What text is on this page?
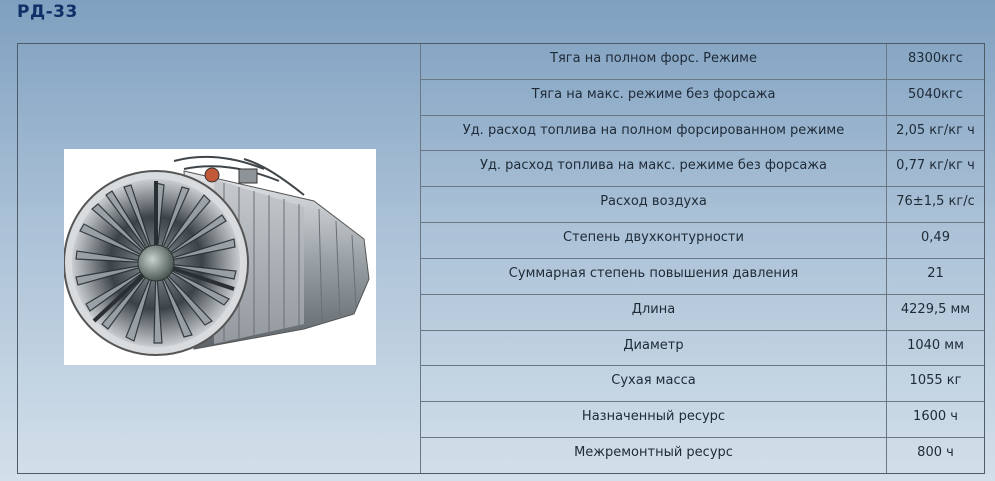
РД-33
Тяга на полном форс. Режиме	8300кгс
Тяга на макс. режиме без форсажа	5040кгс
Уд. расход топлива на полном форсированном режиме	2,05 кг/кг ч
Уд. расход топлива на макс. режиме без форсажа	0,77 кг/кг ч
Расход воздуха	76±1,5 кг/с
Степень двухконтурности	0,49
Суммарная степень повышения давления	21
Длина	4229,5 мм
Диаметр	1040 мм
Сухая масса	1055 кг
Назначенный ресурс	1600 ч
Межремонтный ресурс	800 ч
